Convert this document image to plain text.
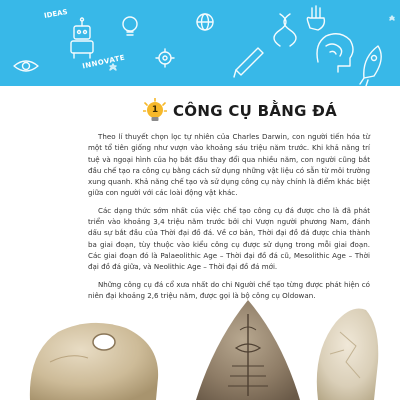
IDEAS
INNOVATE
1 CÔNG CỤ BẰNG ĐÁ

Theo lí thuyết chọn lọc tự nhiên của Charles Darwin, con người tiến hóa từ một tổ tiên giống như vượn vào khoảng sáu triệu năm trước. Khi khả năng trí tuệ và ngoại hình của họ bắt đầu thay đổi qua nhiều năm, con người cũng bắt đầu chế tạo ra công cụ bằng cách sử dụng những vật liệu có sẵn từ môi trường xung quanh. Khả năng chế tạo và sử dụng công cụ này chính là điểm khác biệt giữa con người với các loài động vật khác.

Các dạng thức sớm nhất của việc chế tạo công cụ đá được cho là đã phát triển vào khoảng 3,4 triệu năm trước bởi chi Vượn người phương Nam, đánh dấu sự bắt đầu của Thời đại đồ đá. Về cơ bản, Thời đại đồ đá được chia thành ba giai đoạn, tùy thuộc vào kiểu công cụ được sử dụng trong mỗi giai đoạn. Các giai đoạn đó là Palaeolithic Age – Thời đại đồ đá cũ, Mesolithic Age – Thời đại đồ đá giữa, và Neolithic Age – Thời đại đồ đá mới.

Những công cụ đá cổ xưa nhất do chi Người chế tạo từng được phát hiện có niên đại khoảng 2,6 triệu năm, được gọi là bộ công cụ Oldowan.
